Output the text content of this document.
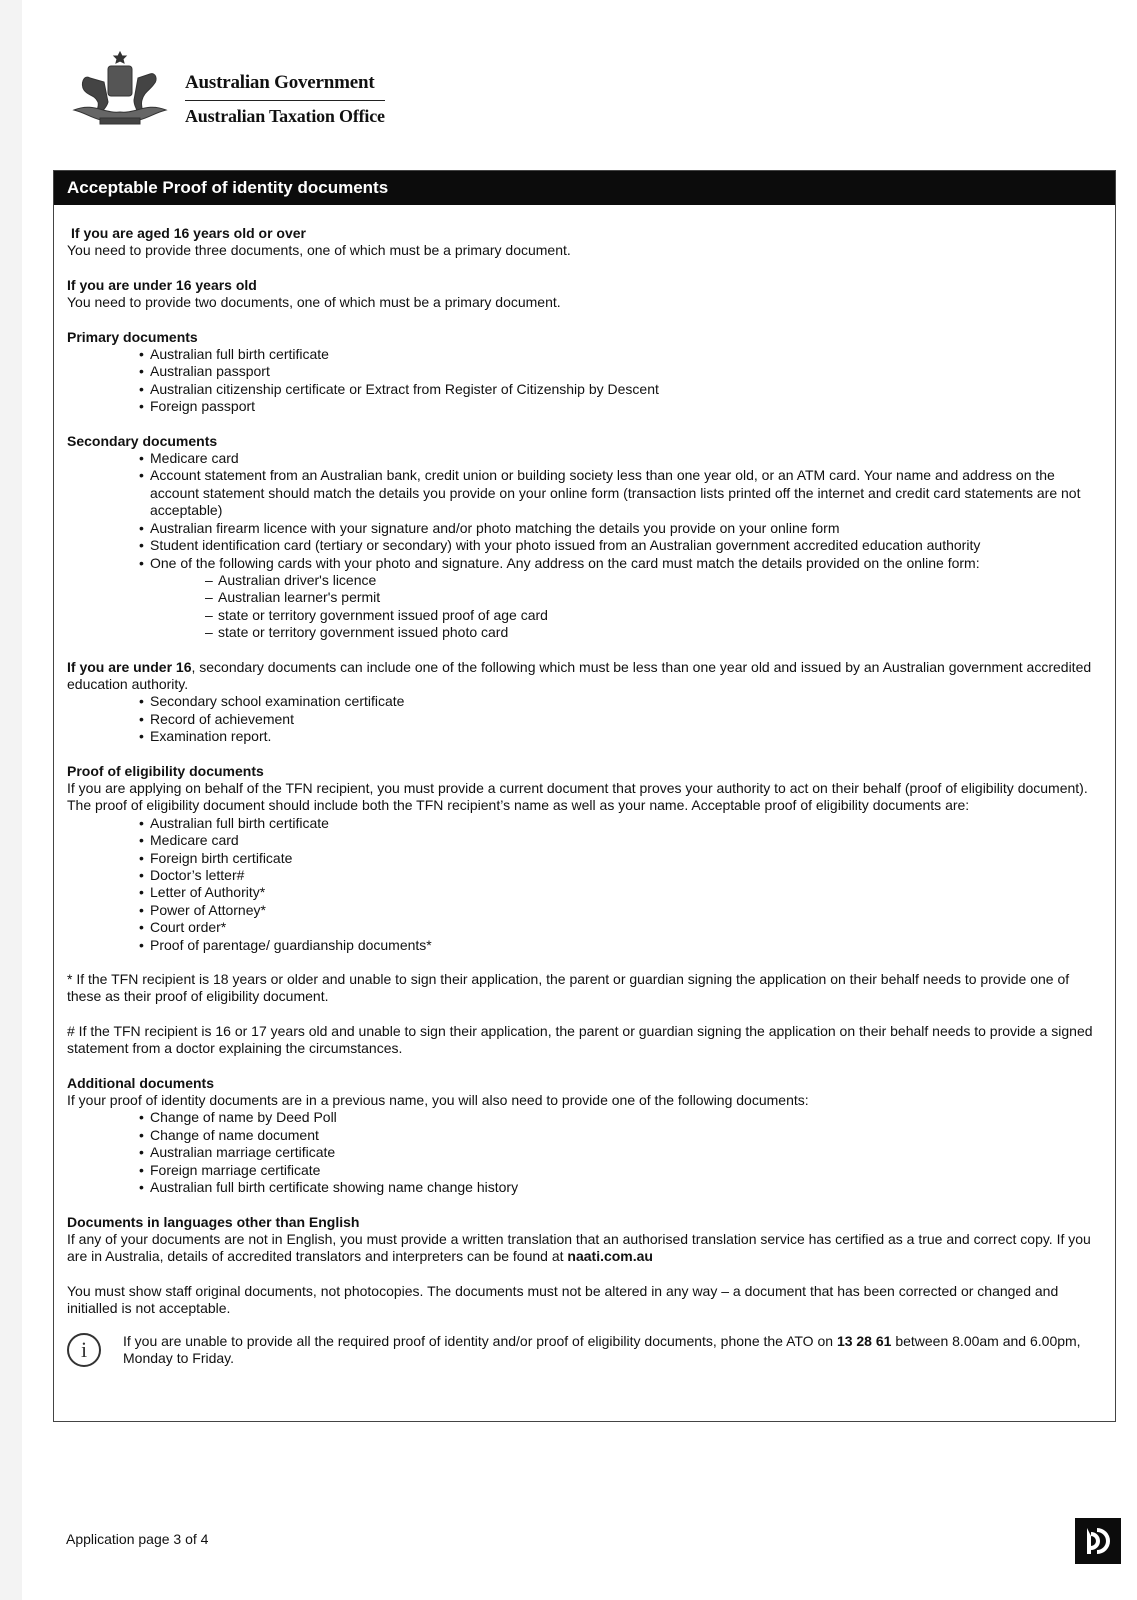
Australian Government
Australian Taxation Office
Acceptable Proof of identity documents

If you are aged 16 years old or over
You need to provide three documents, one of which must be a primary document.

If you are under 16 years old
You need to provide two documents, one of which must be a primary document.

Primary documents
• Australian full birth certificate
• Australian passport
• Australian citizenship certificate or Extract from Register of Citizenship by Descent
• Foreign passport
Secondary documents
• Medicare card
• Account statement from an Australian bank, credit union or building society less than one year old, or an ATM card. Your name and address on the account statement should match the details you provide on your online form (transaction lists printed off the internet and credit card statements are not acceptable)
• Australian firearm licence with your signature and/or photo matching the details you provide on your online form
• Student identification card (tertiary or secondary) with your photo issued from an Australian government accredited education authority
• One of the following cards with your photo and signature. Any address on the card must match the details provided on the online form:
– Australian driver's licence
– Australian learner's permit
– state or territory government issued proof of age card
– state or territory government issued photo card
If you are under 16, secondary documents can include one of the following which must be less than one year old and issued by an Australian government accredited education authority.
• Secondary school examination certificate
• Record of achievement
• Examination report.
Proof of eligibility documents
If you are applying on behalf of the TFN recipient, you must provide a current document that proves your authority to act on their behalf (proof of eligibility document). The proof of eligibility document should include both the TFN recipient’s name as well as your name. Acceptable proof of eligibility documents are:
• Australian full birth certificate
• Medicare card
• Foreign birth certificate
• Doctor’s letter#
• Letter of Authority*
• Power of Attorney*
• Court order*
• Proof of parentage/ guardianship documents*

* If the TFN recipient is 18 years or older and unable to sign their application, the parent or guardian signing the application on their behalf needs to provide one of these as their proof of eligibility document.

# If the TFN recipient is 16 or 17 years old and unable to sign their application, the parent or guardian signing the application on their behalf needs to provide a signed statement from a doctor explaining the circumstances.

Additional documents
If your proof of identity documents are in a previous name, you will also need to provide one of the following documents:
• Change of name by Deed Poll
• Change of name document
• Australian marriage certificate
• Foreign marriage certificate
• Australian full birth certificate showing name change history

Documents in languages other than English
If any of your documents are not in English, you must provide a written translation that an authorised translation service has certified as a true and correct copy. If you are in Australia, details of accredited translators and interpreters can be found at naati.com.au

You must show staff original documents, not photocopies. The documents must not be altered in any way – a document that has been corrected or changed and initialled is not acceptable.

i	If you are unable to provide all the required proof of identity and/or proof of eligibility documents, phone the ATO on 13 28 61 between 8.00am and 6.00pm, Monday to Friday.
Application page 3 of 4
